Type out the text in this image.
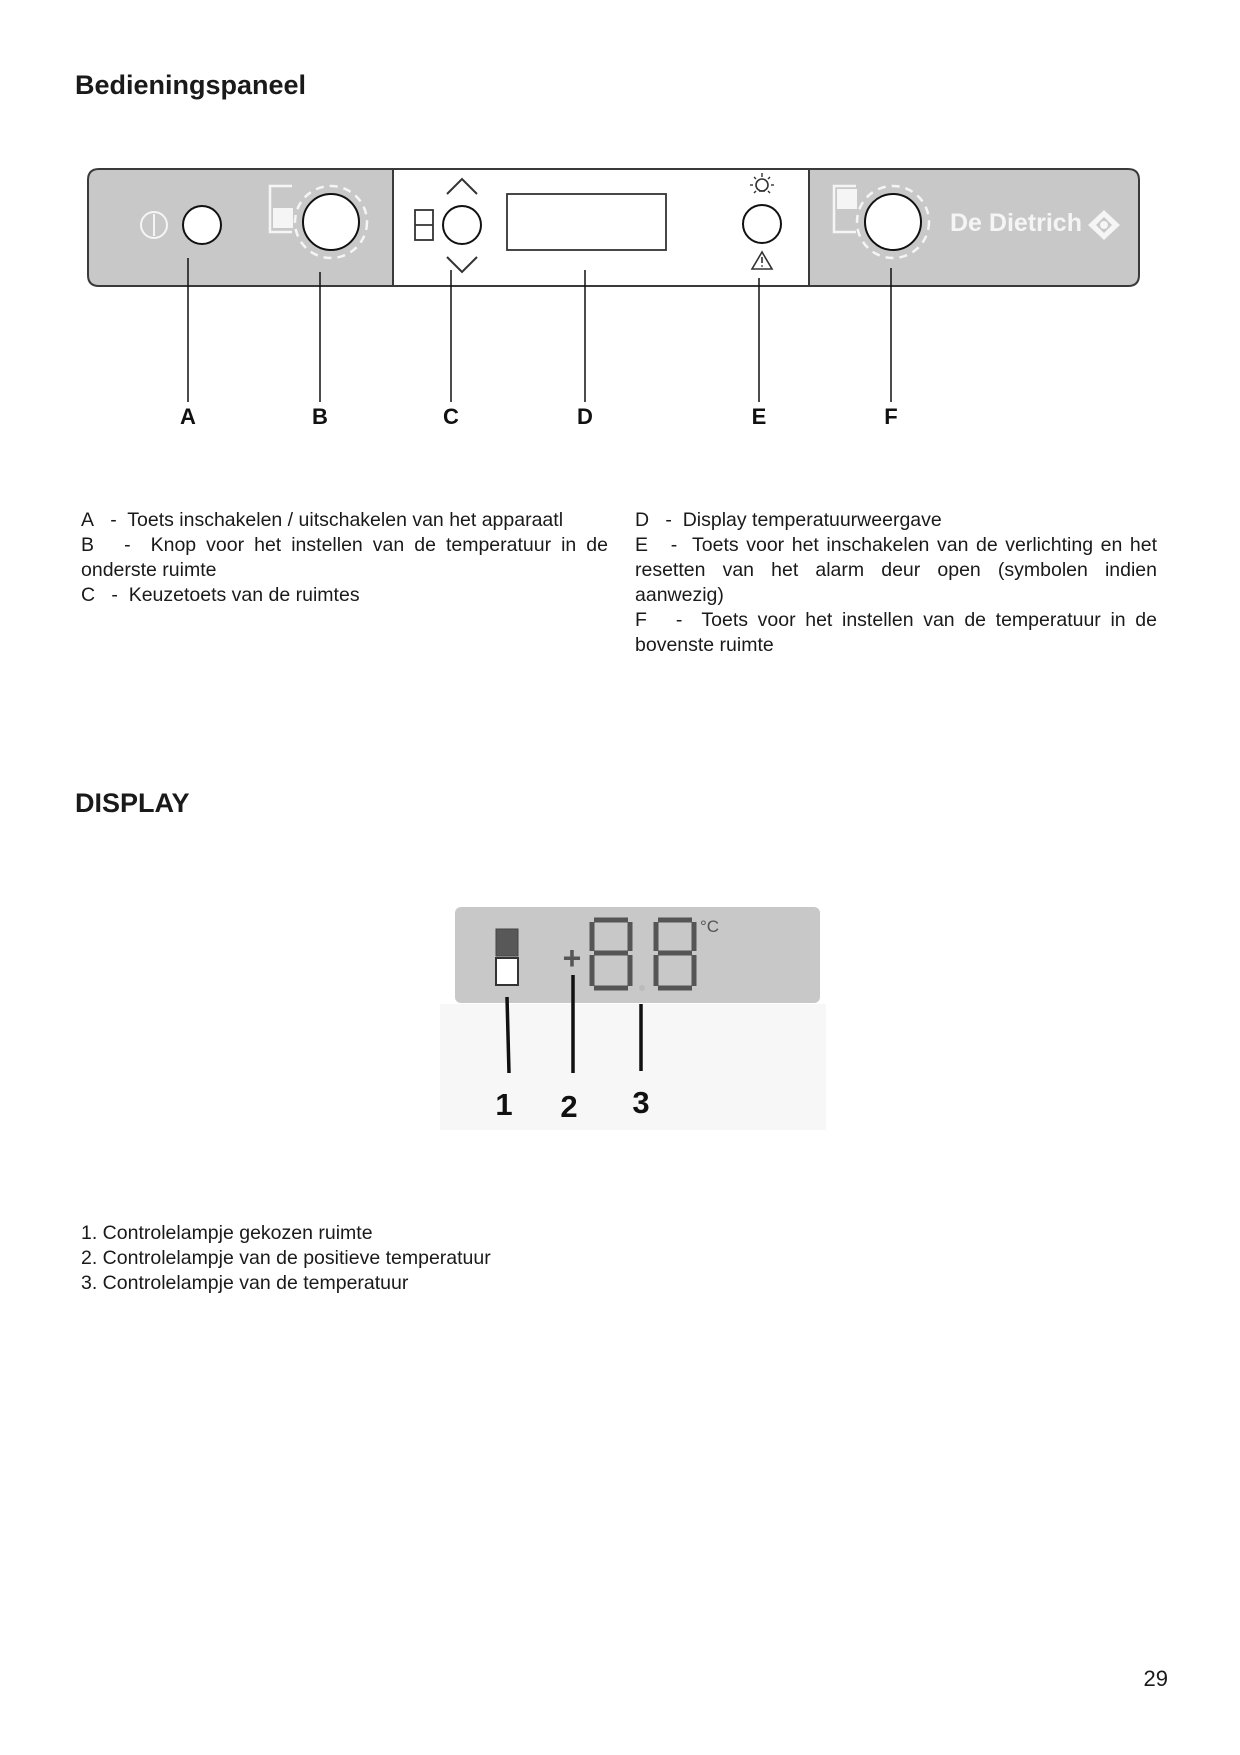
Bedieningspaneel
De Dietrich
A	B	C	D	E	F

A   -  Toets inschakelen / uitschakelen van het apparaatl

B   -  Knop voor het instellen van de temperatuur in de onderste ruimte

C   -  Keuzetoets van de ruimtes

D   -  Display temperatuurweergave

E   -  Toets voor het inschakelen van de verlichting en het resetten van het alarm deur open (symbolen indien aanwezig)

F   -  Toets voor het instellen van de temperatuur in de bovenste ruimte

DISPLAY
+
°C
1 2 3
1. Controlelampje gekozen ruimte
2. Controlelampje van de positieve temperatuur
3. Controlelampje van de temperatuur
29
